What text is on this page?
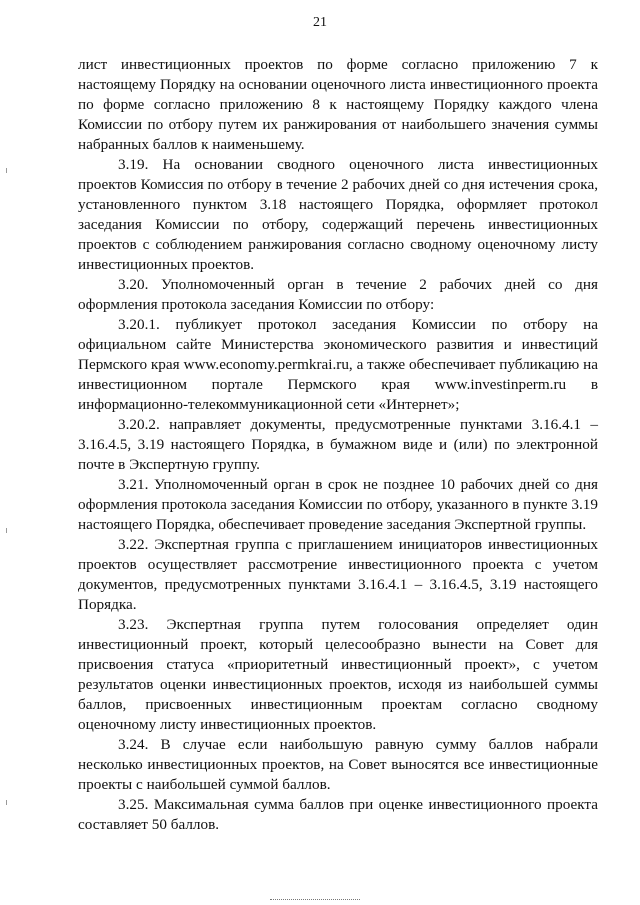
21

лист инвестиционных проектов по форме согласно приложению 7 к настоящему Порядку на основании оценочного листа инвестиционного проекта по форме согласно приложению 8 к настоящему Порядку каждого члена Комиссии по отбору путем их ранжирования от наибольшего значения суммы набранных баллов к наименьшему.

3.19. На основании сводного оценочного листа инвестиционных проектов Комиссия по отбору в течение 2 рабочих дней со дня истечения срока, установленного пунктом 3.18 настоящего Порядка, оформляет протокол заседания Комиссии по отбору, содержащий перечень инвестиционных проектов с соблюдением ранжирования согласно сводному оценочному листу инвестиционных проектов.

3.20. Уполномоченный орган в течение 2 рабочих дней со дня оформления протокола заседания Комиссии по отбору:

3.20.1. публикует протокол заседания Комиссии по отбору на официальном сайте Министерства экономического развития и инвестиций Пермского края www.economy.permkrai.ru, а также обеспечивает публикацию на инвестиционном портале Пермского края www.investinperm.ru в информационно-телекоммуникационной сети «Интернет»;

3.20.2. направляет документы, предусмотренные пунктами 3.16.4.1 – 3.16.4.5, 3.19 настоящего Порядка, в бумажном виде и (или) по электронной почте в Экспертную группу.

3.21. Уполномоченный орган в срок не позднее 10 рабочих дней со дня оформления протокола заседания Комиссии по отбору, указанного в пункте 3.19 настоящего Порядка, обеспечивает проведение заседания Экспертной группы.

3.22. Экспертная группа с приглашением инициаторов инвестиционных проектов осуществляет рассмотрение инвестиционного проекта с учетом документов, предусмотренных пунктами 3.16.4.1 – 3.16.4.5, 3.19 настоящего Порядка.

3.23. Экспертная группа путем голосования определяет один инвестиционный проект, который целесообразно вынести на Совет для присвоения статуса «приоритетный инвестиционный проект», с учетом результатов оценки инвестиционных проектов, исходя из наибольшей суммы баллов, присвоенных инвестиционным проектам согласно сводному оценочному листу инвестиционных проектов.

3.24. В случае если наибольшую равную сумму баллов набрали несколько инвестиционных проектов, на Совет выносятся все инвестиционные проекты с наибольшей суммой баллов.

3.25. Максимальная сумма баллов при оценке инвестиционного проекта составляет 50 баллов.
